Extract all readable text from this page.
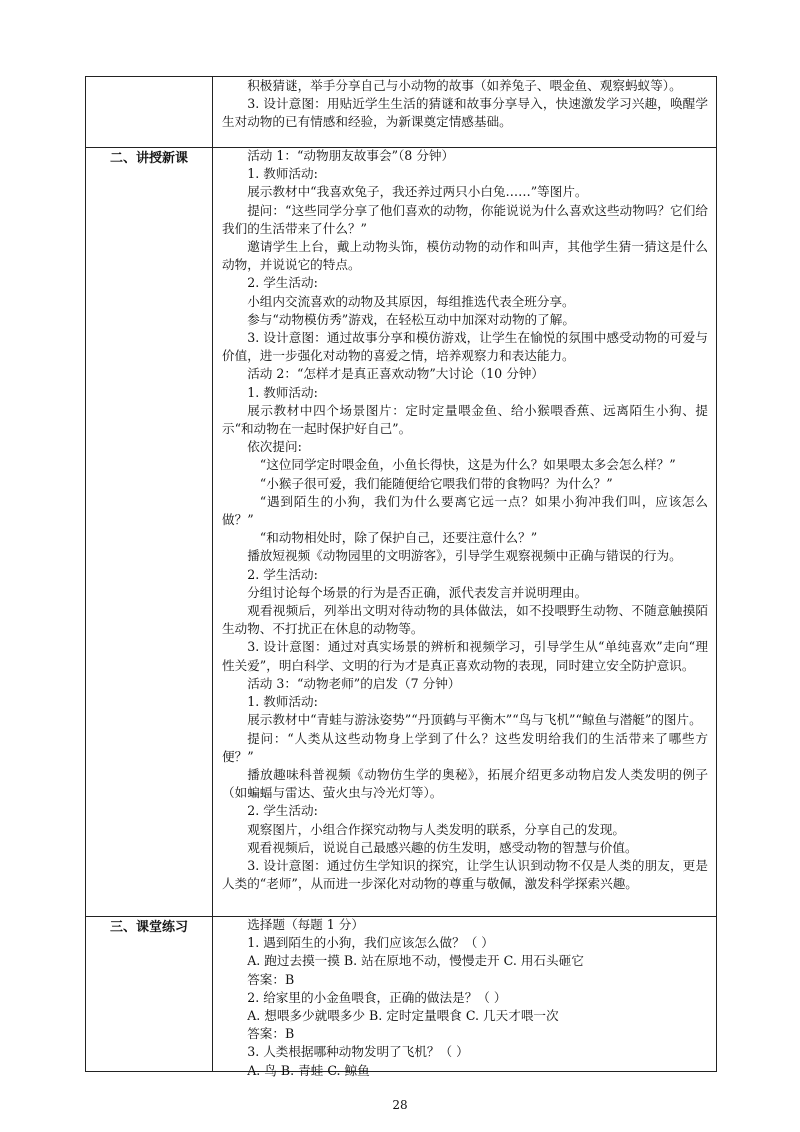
积极猜谜，举手分享自己与小动物的故事（如养兔子、喂金鱼、观察蚂蚁等）。

3. 设计意图：用贴近学生生活的猜谜和故事分享导入，快速激发学习兴趣，唤醒学生对动物的已有情感和经验，为新课奠定情感基础。

二、讲授新课	活动 1：“动物朋友故事会”（8 分钟）

1. 教师活动:

展示教材中“我喜欢兔子，我还养过两只小白兔……”等图片。

提问：“这些同学分享了他们喜欢的动物，你能说说为什么喜欢这些动物吗？它们给我们的生活带来了什么？”

邀请学生上台，戴上动物头饰，模仿动物的动作和叫声，其他学生猜一猜这是什么动物，并说说它的特点。

2. 学生活动:

小组内交流喜欢的动物及其原因，每组推选代表全班分享。

参与“动物模仿秀”游戏，在轻松互动中加深对动物的了解。

3. 设计意图：通过故事分享和模仿游戏，让学生在愉悦的氛围中感受动物的可爱与价值，进一步强化对动物的喜爱之情，培养观察力和表达能力。

活动 2：“怎样才是真正喜欢动物”大讨论（10 分钟）

1. 教师活动:

展示教材中四个场景图片：定时定量喂金鱼、给小猴喂香蕉、远离陌生小狗、提示“和动物在一起时保护好自己”。

依次提问:

“这位同学定时喂金鱼，小鱼长得快，这是为什么？如果喂太多会怎么样？”

“小猴子很可爱，我们能随便给它喂我们带的食物吗？为什么？”

“遇到陌生的小狗，我们为什么要离它远一点？如果小狗冲我们叫，应该怎么做？”

“和动物相处时，除了保护自己，还要注意什么？”

播放短视频《动物园里的文明游客》，引导学生观察视频中正确与错误的行为。

2. 学生活动:

分组讨论每个场景的行为是否正确，派代表发言并说明理由。

观看视频后，列举出文明对待动物的具体做法，如不投喂野生动物、不随意触摸陌生动物、不打扰正在休息的动物等。

3. 设计意图：通过对真实场景的辨析和视频学习，引导学生从“单纯喜欢”走向“理性关爱”，明白科学、文明的行为才是真正喜欢动物的表现，同时建立安全防护意识。

活动 3：“动物老师”的启发（7 分钟）

1. 教师活动:

展示教材中“青蛙与游泳姿势”“丹顶鹤与平衡木”“鸟与飞机”“鲸鱼与潜艇”的图片。

提问：“人类从这些动物身上学到了什么？这些发明给我们的生活带来了哪些方便？”

播放趣味科普视频《动物仿生学的奥秘》，拓展介绍更多动物启发人类发明的例子（如蝙蝠与雷达、萤火虫与冷光灯等）。

2. 学生活动:

观察图片，小组合作探究动物与人类发明的联系，分享自己的发现。

观看视频后，说说自己最感兴趣的仿生发明，感受动物的智慧与价值。

3. 设计意图：通过仿生学知识的探究，让学生认识到动物不仅是人类的朋友，更是人类的“老师”，从而进一步深化对动物的尊重与敬佩，激发科学探索兴趣。

三、课堂练习	选择题（每题 1 分）

1. 遇到陌生的小狗，我们应该怎么做？（ ）

A. 跑过去摸一摸 B. 站在原地不动，慢慢走开 C. 用石头砸它

答案：B

2. 给家里的小金鱼喂食，正确的做法是？（ ）

A. 想喂多少就喂多少 B. 定时定量喂食 C. 几天才喂一次

答案：B

3. 人类根据哪种动物发明了飞机？（ ）

A. 鸟 B. 青蛙 C. 鲸鱼

28
